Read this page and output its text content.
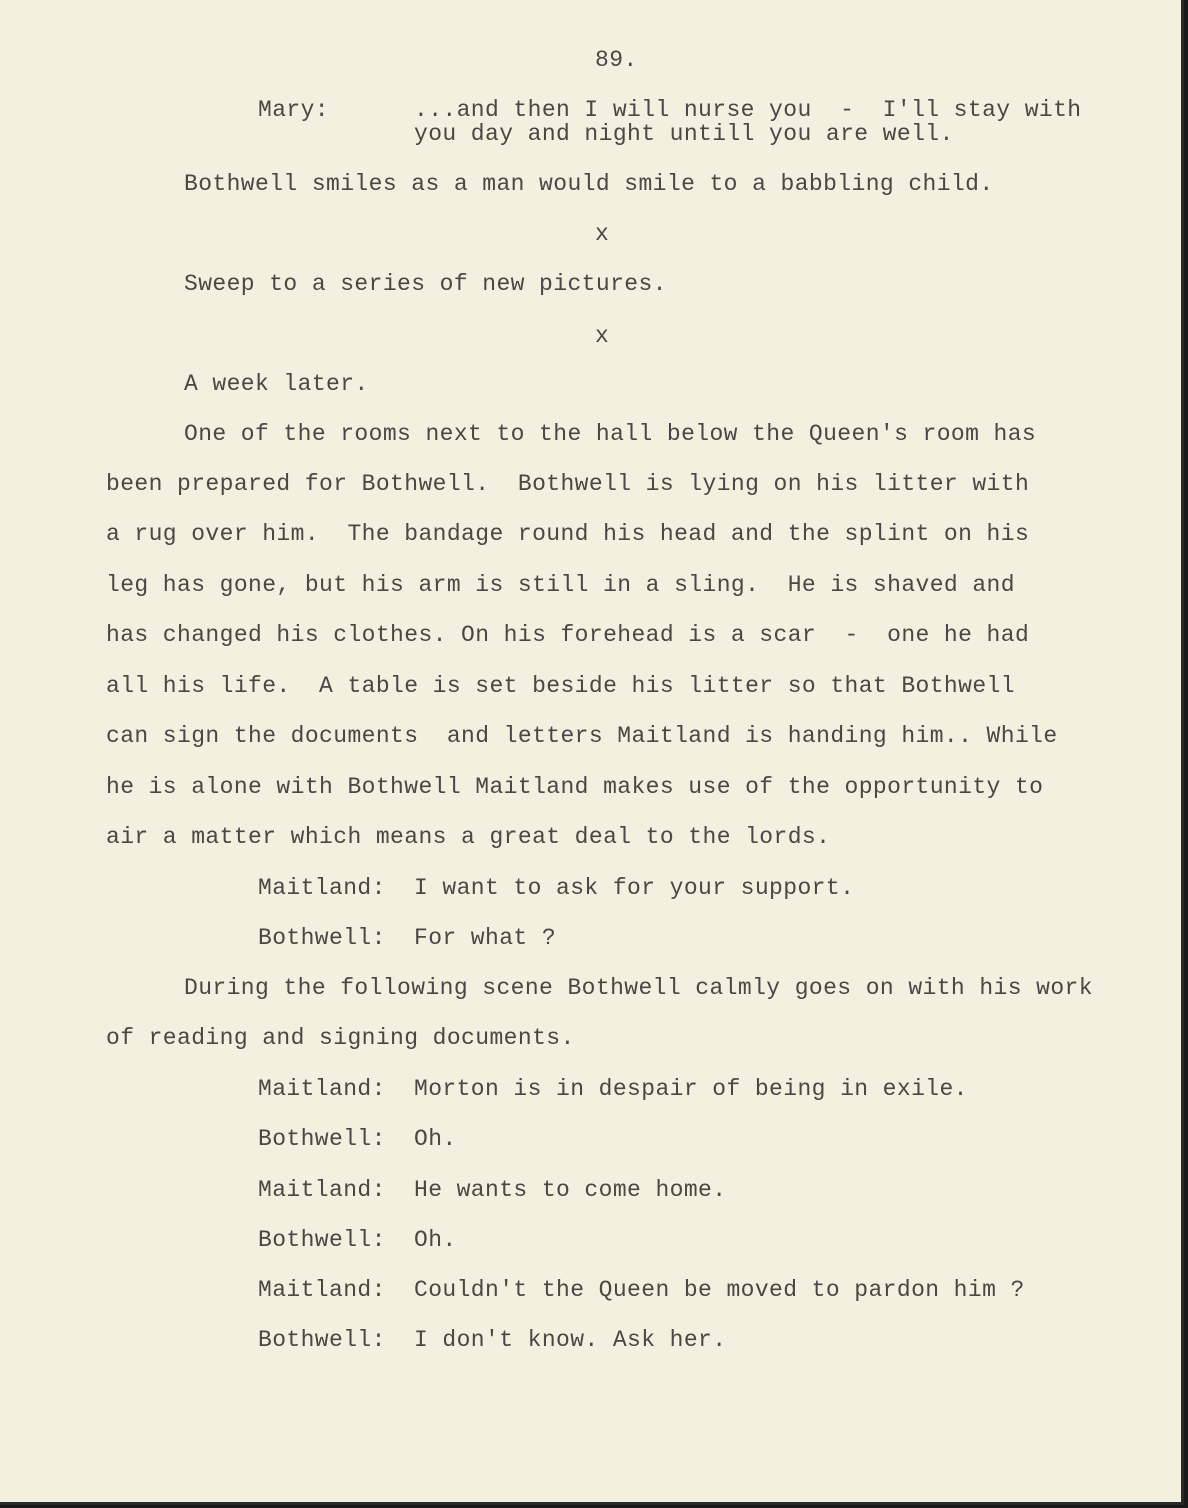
89.
Mary:	...and then I will nurse you  -  I'll stay with
you day and night untill you are well.
Bothwell smiles as a man would smile to a babbling child.
x
Sweep to a series of new pictures.
x
A week later.
One of the rooms next to the hall below the Queen's room has
been prepared for Bothwell.  Bothwell is lying on his litter with
a rug over him.  The bandage round his head and the splint on his
leg has gone, but his arm is still in a sling.  He is shaved and
has changed his clothes. On his forehead is a scar  -  one he had
all his life.  A table is set beside his litter so that Bothwell
can sign the documents  and letters Maitland is handing him.. While
he is alone with Bothwell Maitland makes use of the opportunity to
air a matter which means a great deal to the lords.
Maitland: I want to ask for your support.
Bothwell: For what ?
During the following scene Bothwell calmly goes on with his work
of reading and signing documents.
Maitland: Morton is in despair of being in exile.
Bothwell: Oh.
Maitland: He wants to come home.
Bothwell: Oh.
Maitland: Couldn't the Queen be moved to pardon him ?
Bothwell: I don't know. Ask her.
